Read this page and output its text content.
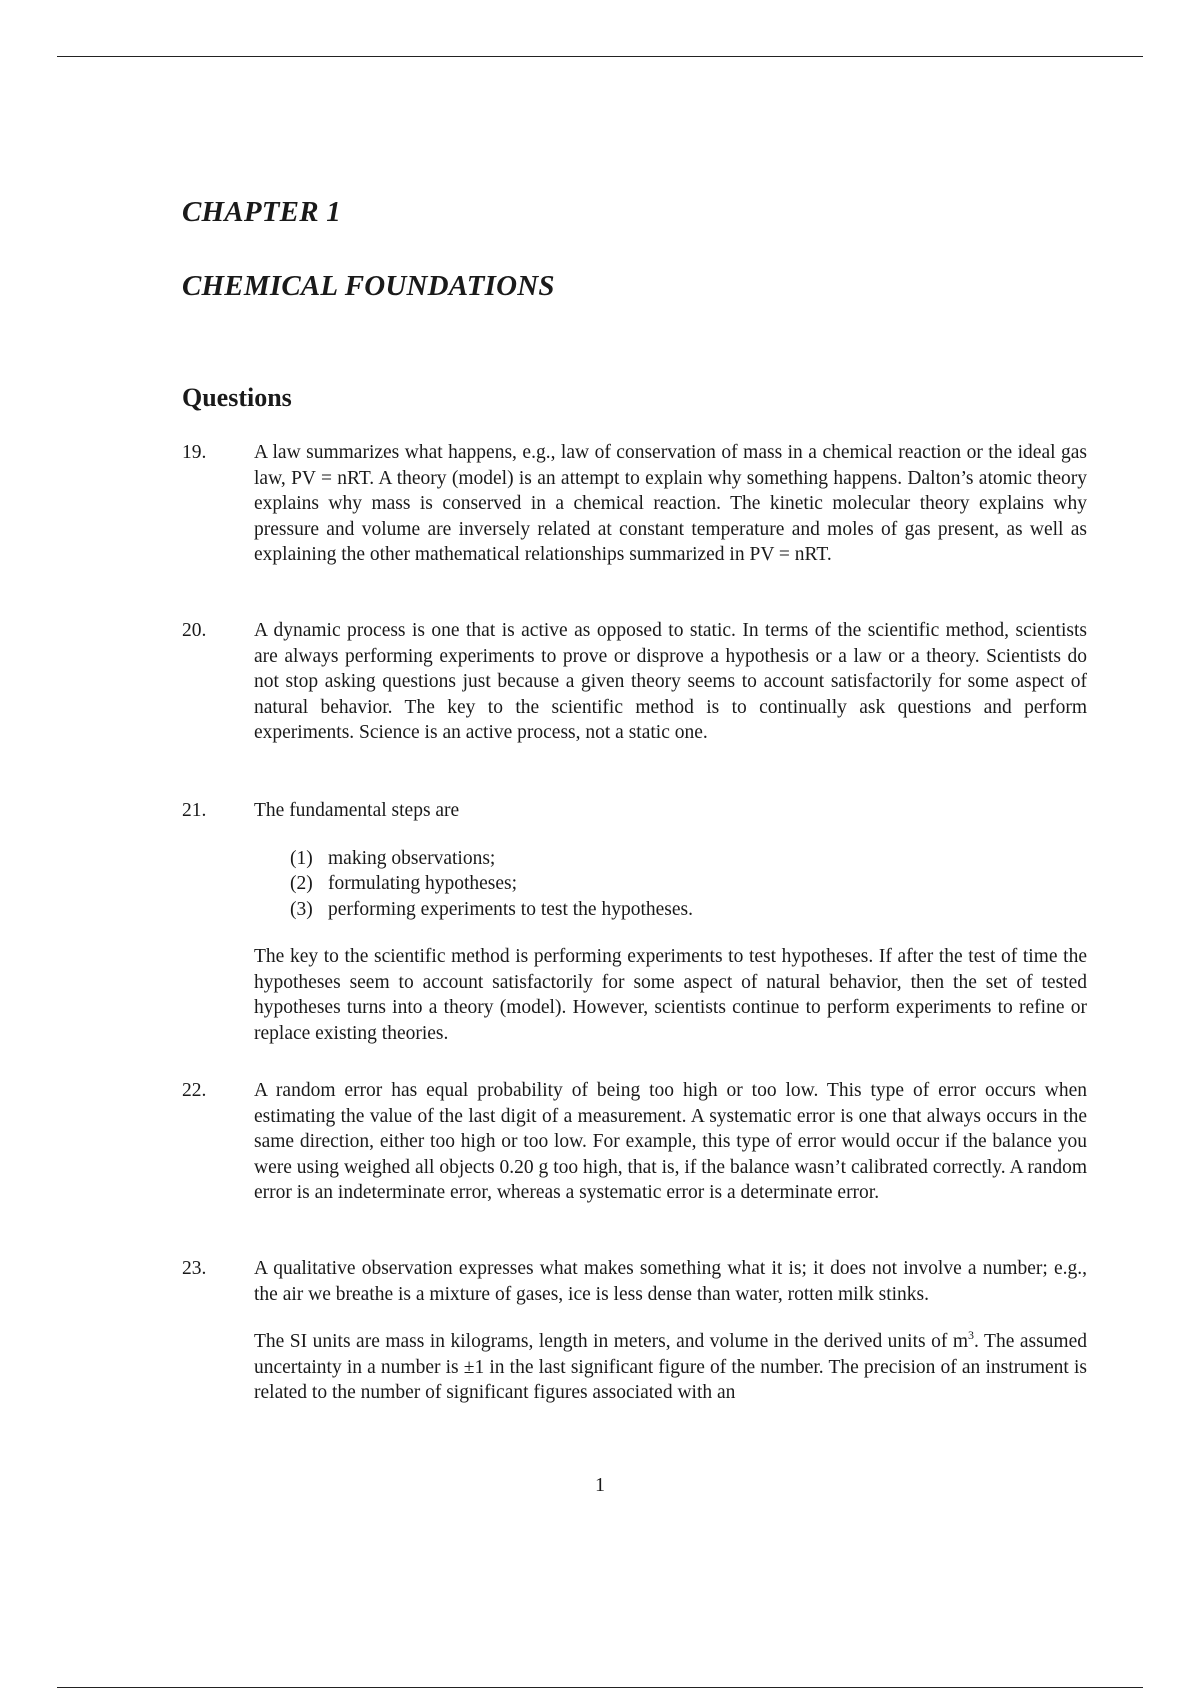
CHAPTER 1
CHEMICAL FOUNDATIONS
Questions
19.	A law summarizes what happens, e.g., law of conservation of mass in a chemical reaction or the ideal gas law, PV = nRT. A theory (model) is an attempt to explain why something happens. Dalton’s atomic theory explains why mass is conserved in a chemical reaction. The kinetic molecular theory explains why pressure and volume are inversely related at constant temperature and moles of gas present, as well as explaining the other mathematical relationships summarized in PV = nRT.

20.	A dynamic process is one that is active as opposed to static. In terms of the scientific method, scientists are always performing experiments to prove or disprove a hypothesis or a law or a theory. Scientists do not stop asking questions just because a given theory seems to account satisfactorily for some aspect of natural behavior. The key to the scientific method is to continually ask questions and perform experiments. Science is an active process, not a static one.

21.	The fundamental steps are

(1) making observations;
(2) formulating hypotheses;
(3) performing experiments to test the hypotheses.

The key to the scientific method is performing experiments to test hypotheses. If after the test of time the hypotheses seem to account satisfactorily for some aspect of natural behavior, then the set of tested hypotheses turns into a theory (model). However, scientists continue to perform experiments to refine or replace existing theories.

22.	A random error has equal probability of being too high or too low. This type of error occurs when estimating the value of the last digit of a measurement. A systematic error is one that always occurs in the same direction, either too high or too low. For example, this type of error would occur if the balance you were using weighed all objects 0.20 g too high, that is, if the balance wasn’t calibrated correctly. A random error is an indeterminate error, whereas a systematic error is a determinate error.

23.	A qualitative observation expresses what makes something what it is; it does not involve a number; e.g., the air we breathe is a mixture of gases, ice is less dense than water, rotten milk stinks.

The SI units are mass in kilograms, length in meters, and volume in the derived units of $m^3$. The assumed uncertainty in a number is ±1 in the last significant figure of the number. The precision of an instrument is related to the number of significant figures associated with an

1
